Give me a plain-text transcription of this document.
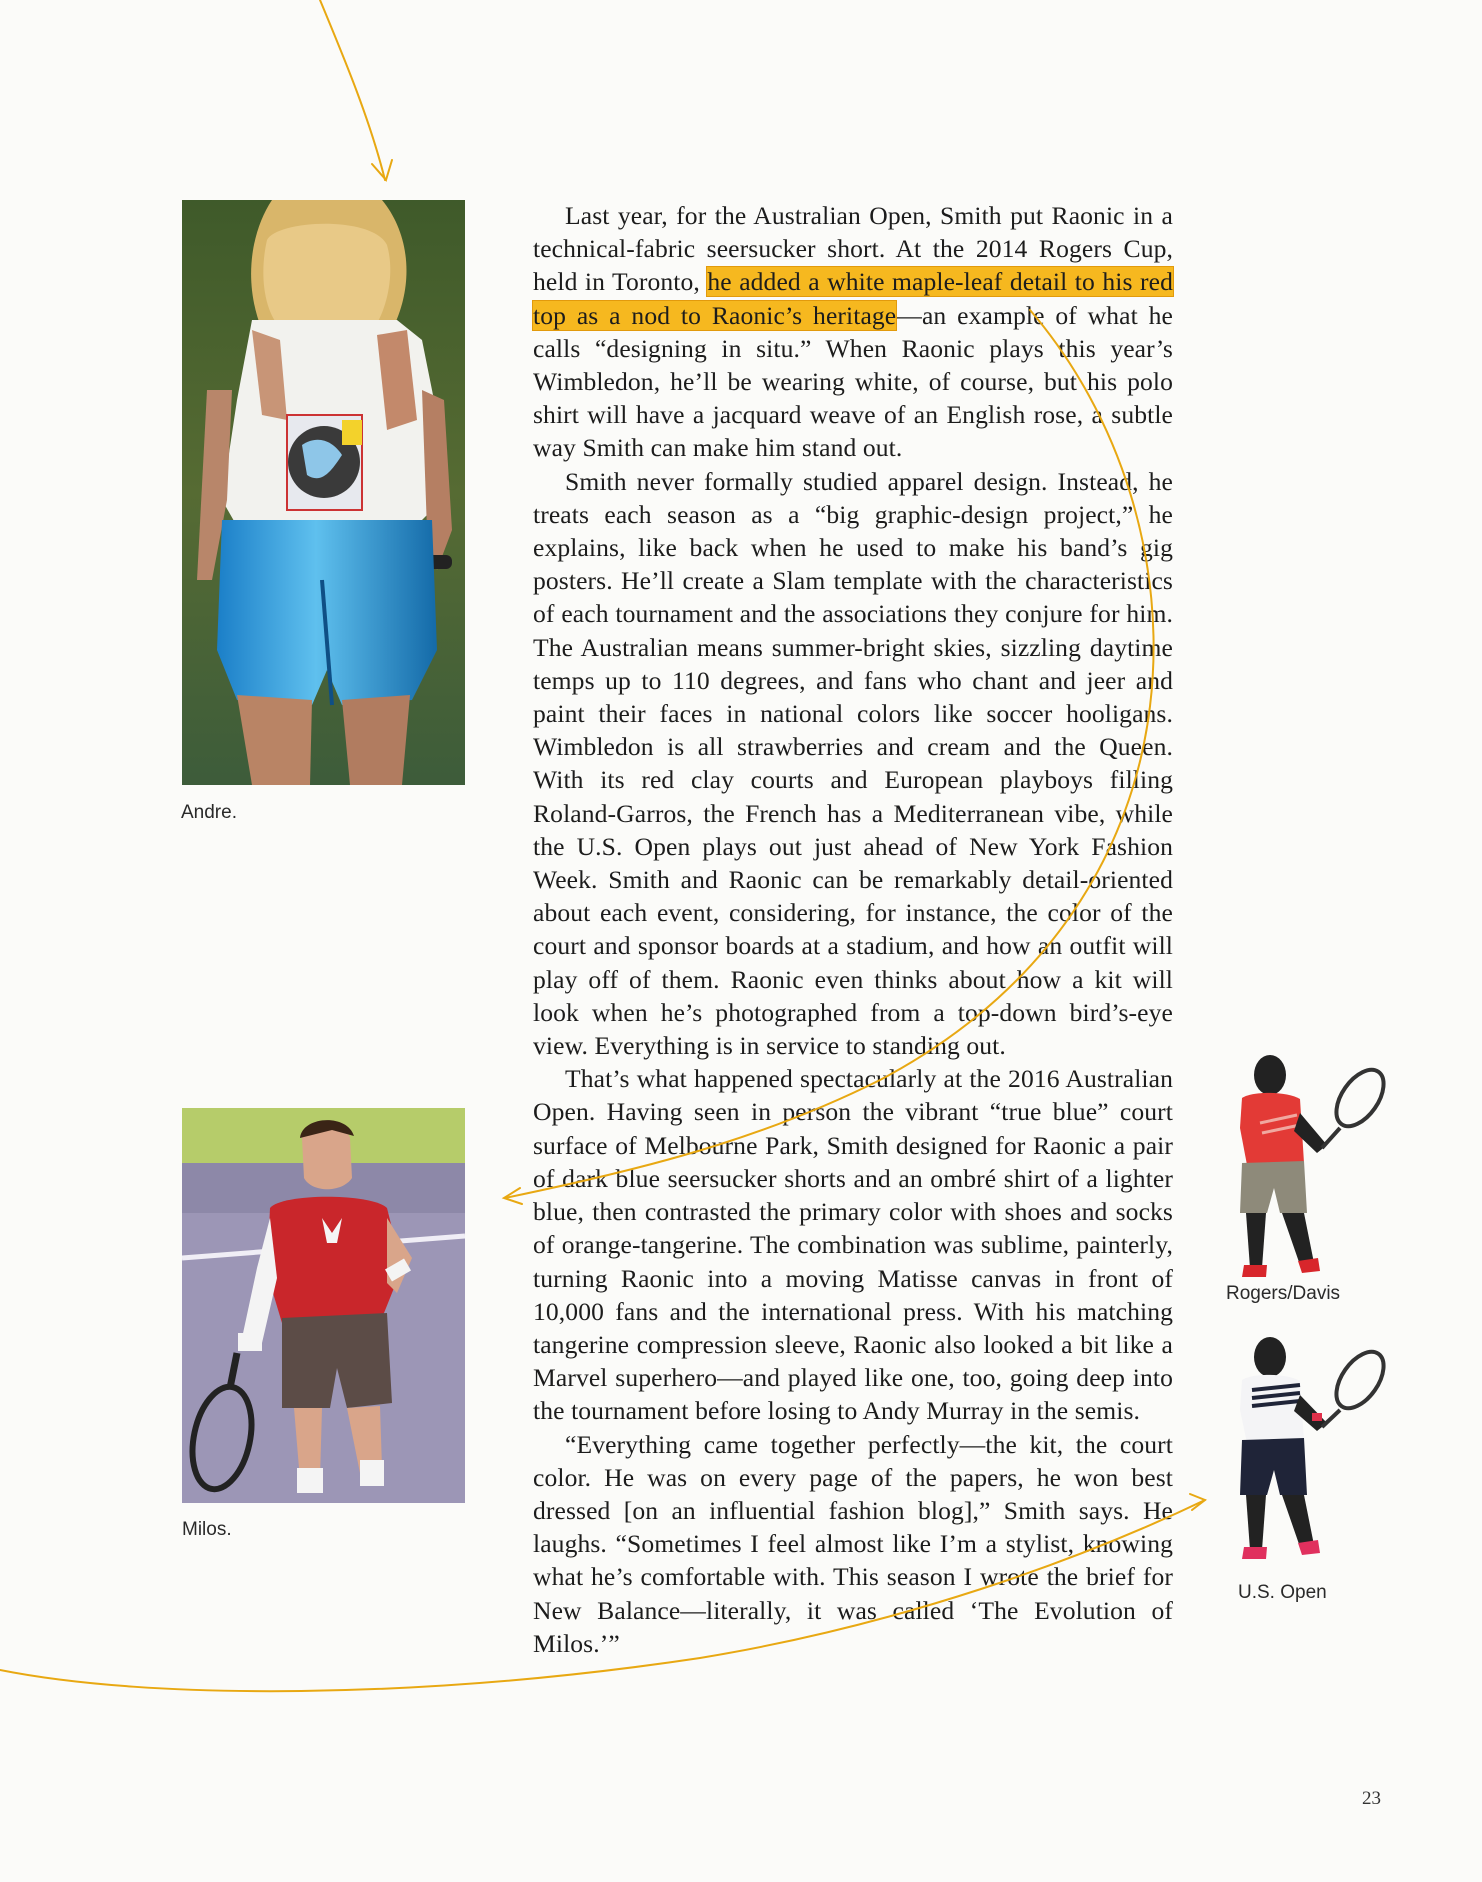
Andre.
Milos.
Rogers/Davis
U.S. Open

Last year, for the Australian Open, Smith put Raonic in a technical-fabric seersucker short. At the 2014 Rogers Cup, held in Toronto, he added a white maple-leaf detail to his red top as a nod to Raonic’s heritage—an example of what he calls “designing in situ.” When Raonic plays this year’s Wimbledon, he’ll be wearing white, of course, but his polo shirt will have a jacquard weave of an English rose, a subtle way Smith can make him stand out.

Smith never formally studied apparel design. Instead, he treats each season as a “big graphic-design project,” he explains, like back when he used to make his band’s gig posters. He’ll create a Slam template with the characteristics of each tournament and the associations they conjure for him. The Australian means summer-bright skies, sizzling daytime temps up to 110 degrees, and fans who chant and jeer and paint their faces in national colors like soccer hooligans. Wimbledon is all strawberries and cream and the Queen. With its red clay courts and European playboys filling Roland-Garros, the French has a Mediterranean vibe, while the U.S. Open plays out just ahead of New York Fashion Week. Smith and Raonic can be remarkably detail-oriented about each event, considering, for instance, the color of the court and sponsor boards at a stadium, and how an outfit will play off of them. Raonic even thinks about how a kit will look when he’s photographed from a top-down bird’s-eye view. Everything is in service to standing out.

That’s what happened spectacularly at the 2016 Australian Open. Having seen in person the vibrant “true blue” court surface of Melbourne Park, Smith designed for Raonic a pair of dark blue seersucker shorts and an ombré shirt of a lighter blue, then contrasted the primary color with shoes and socks of orange-tangerine. The combination was sublime, painterly, turning Raonic into a moving Matisse canvas in front of 10,000 fans and the international press. With his matching tangerine compression sleeve, Raonic also looked a bit like a Marvel superhero—and played like one, too, going deep into the tournament before losing to Andy Murray in the semis.

“Everything came together perfectly—the kit, the court color. He was on every page of the papers, he won best dressed [on an influential fashion blog],” Smith says. He laughs. “Sometimes I feel almost like I’m a stylist, knowing what he’s comfortable with. This season I wrote the brief for New Balance—literally, it was called ‘The Evolution of Milos.’”

23
